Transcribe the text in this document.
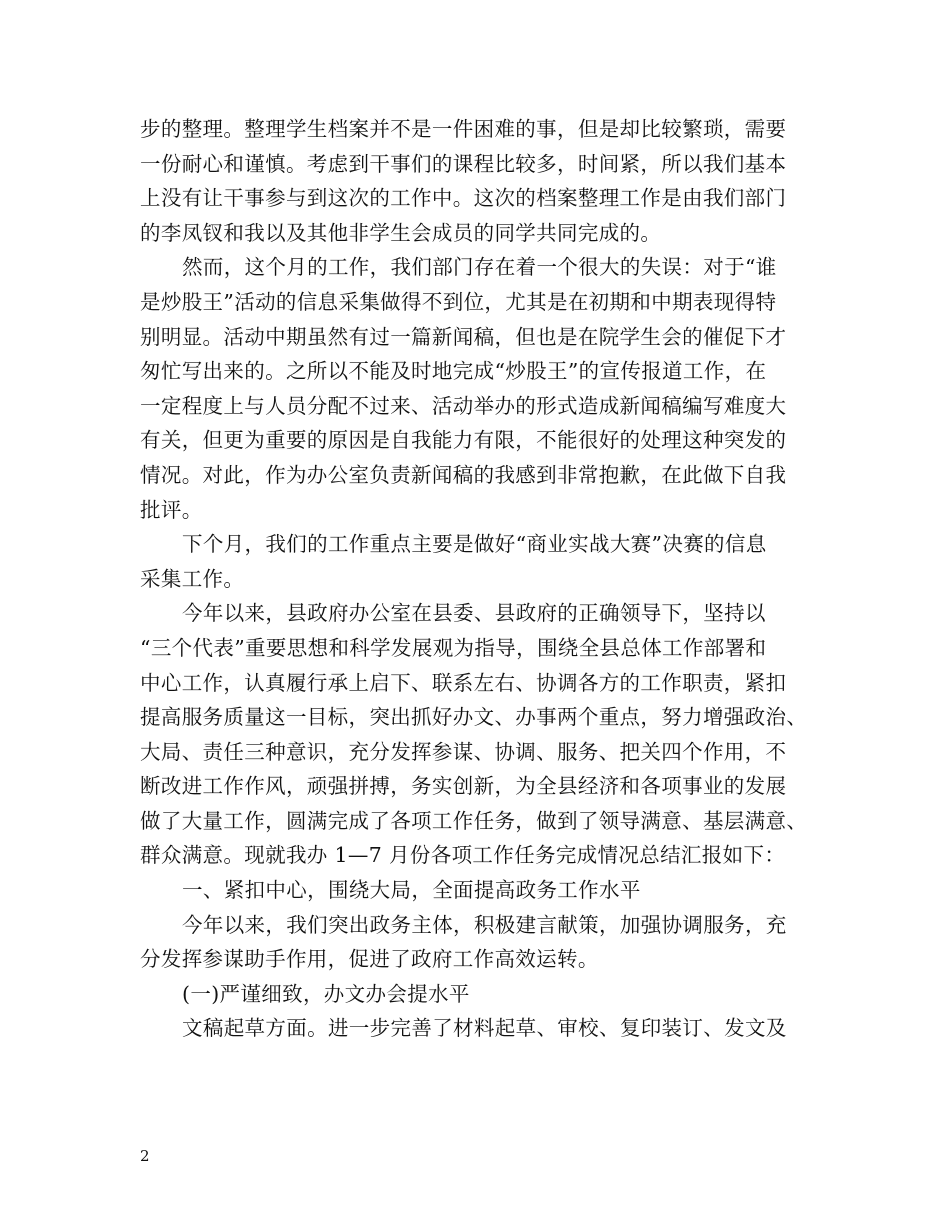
步的整理。整理学生档案并不是一件困难的事，但是却比较繁琐，需要
一份耐心和谨慎。考虑到干事们的课程比较多，时间紧，所以我们基本
上没有让干事参与到这次的工作中。这次的档案整理工作是由我们部门
的李凤钗和我以及其他非学生会成员的同学共同完成的。

然而，这个月的工作，我们部门存在着一个很大的失误：对于“谁
是炒股王”活动的信息采集做得不到位，尤其是在初期和中期表现得特
别明显。活动中期虽然有过一篇新闻稿，但也是在院学生会的催促下才
匆忙写出来的。之所以不能及时地完成“炒股王”的宣传报道工作，在
一定程度上与人员分配不过来、活动举办的形式造成新闻稿编写难度大
有关，但更为重要的原因是自我能力有限，不能很好的处理这种突发的
情况。对此，作为办公室负责新闻稿的我感到非常抱歉，在此做下自我
批评。

下个月，我们的工作重点主要是做好“商业实战大赛”决赛的信息
采集工作。

今年以来，县政府办公室在县委、县政府的正确领导下，坚持以
“三个代表”重要思想和科学发展观为指导，围绕全县总体工作部署和
中心工作，认真履行承上启下、联系左右、协调各方的工作职责，紧扣
提高服务质量这一目标，突出抓好办文、办事两个重点，努力增强政治、
大局、责任三种意识，充分发挥参谋、协调、服务、把关四个作用，不
断改进工作作风，顽强拼搏，务实创新，为全县经济和各项事业的发展
做了大量工作，圆满完成了各项工作任务，做到了领导满意、基层满意、
群众满意。现就我办 1—7 月份各项工作任务完成情况总结汇报如下：

一、紧扣中心，围绕大局，全面提高政务工作水平

今年以来，我们突出政务主体，积极建言献策，加强协调服务，充
分发挥参谋助手作用，促进了政府工作高效运转。

(一)严谨细致，办文办会提水平

文稿起草方面。进一步完善了材料起草、审校、复印装订、发文及

2
